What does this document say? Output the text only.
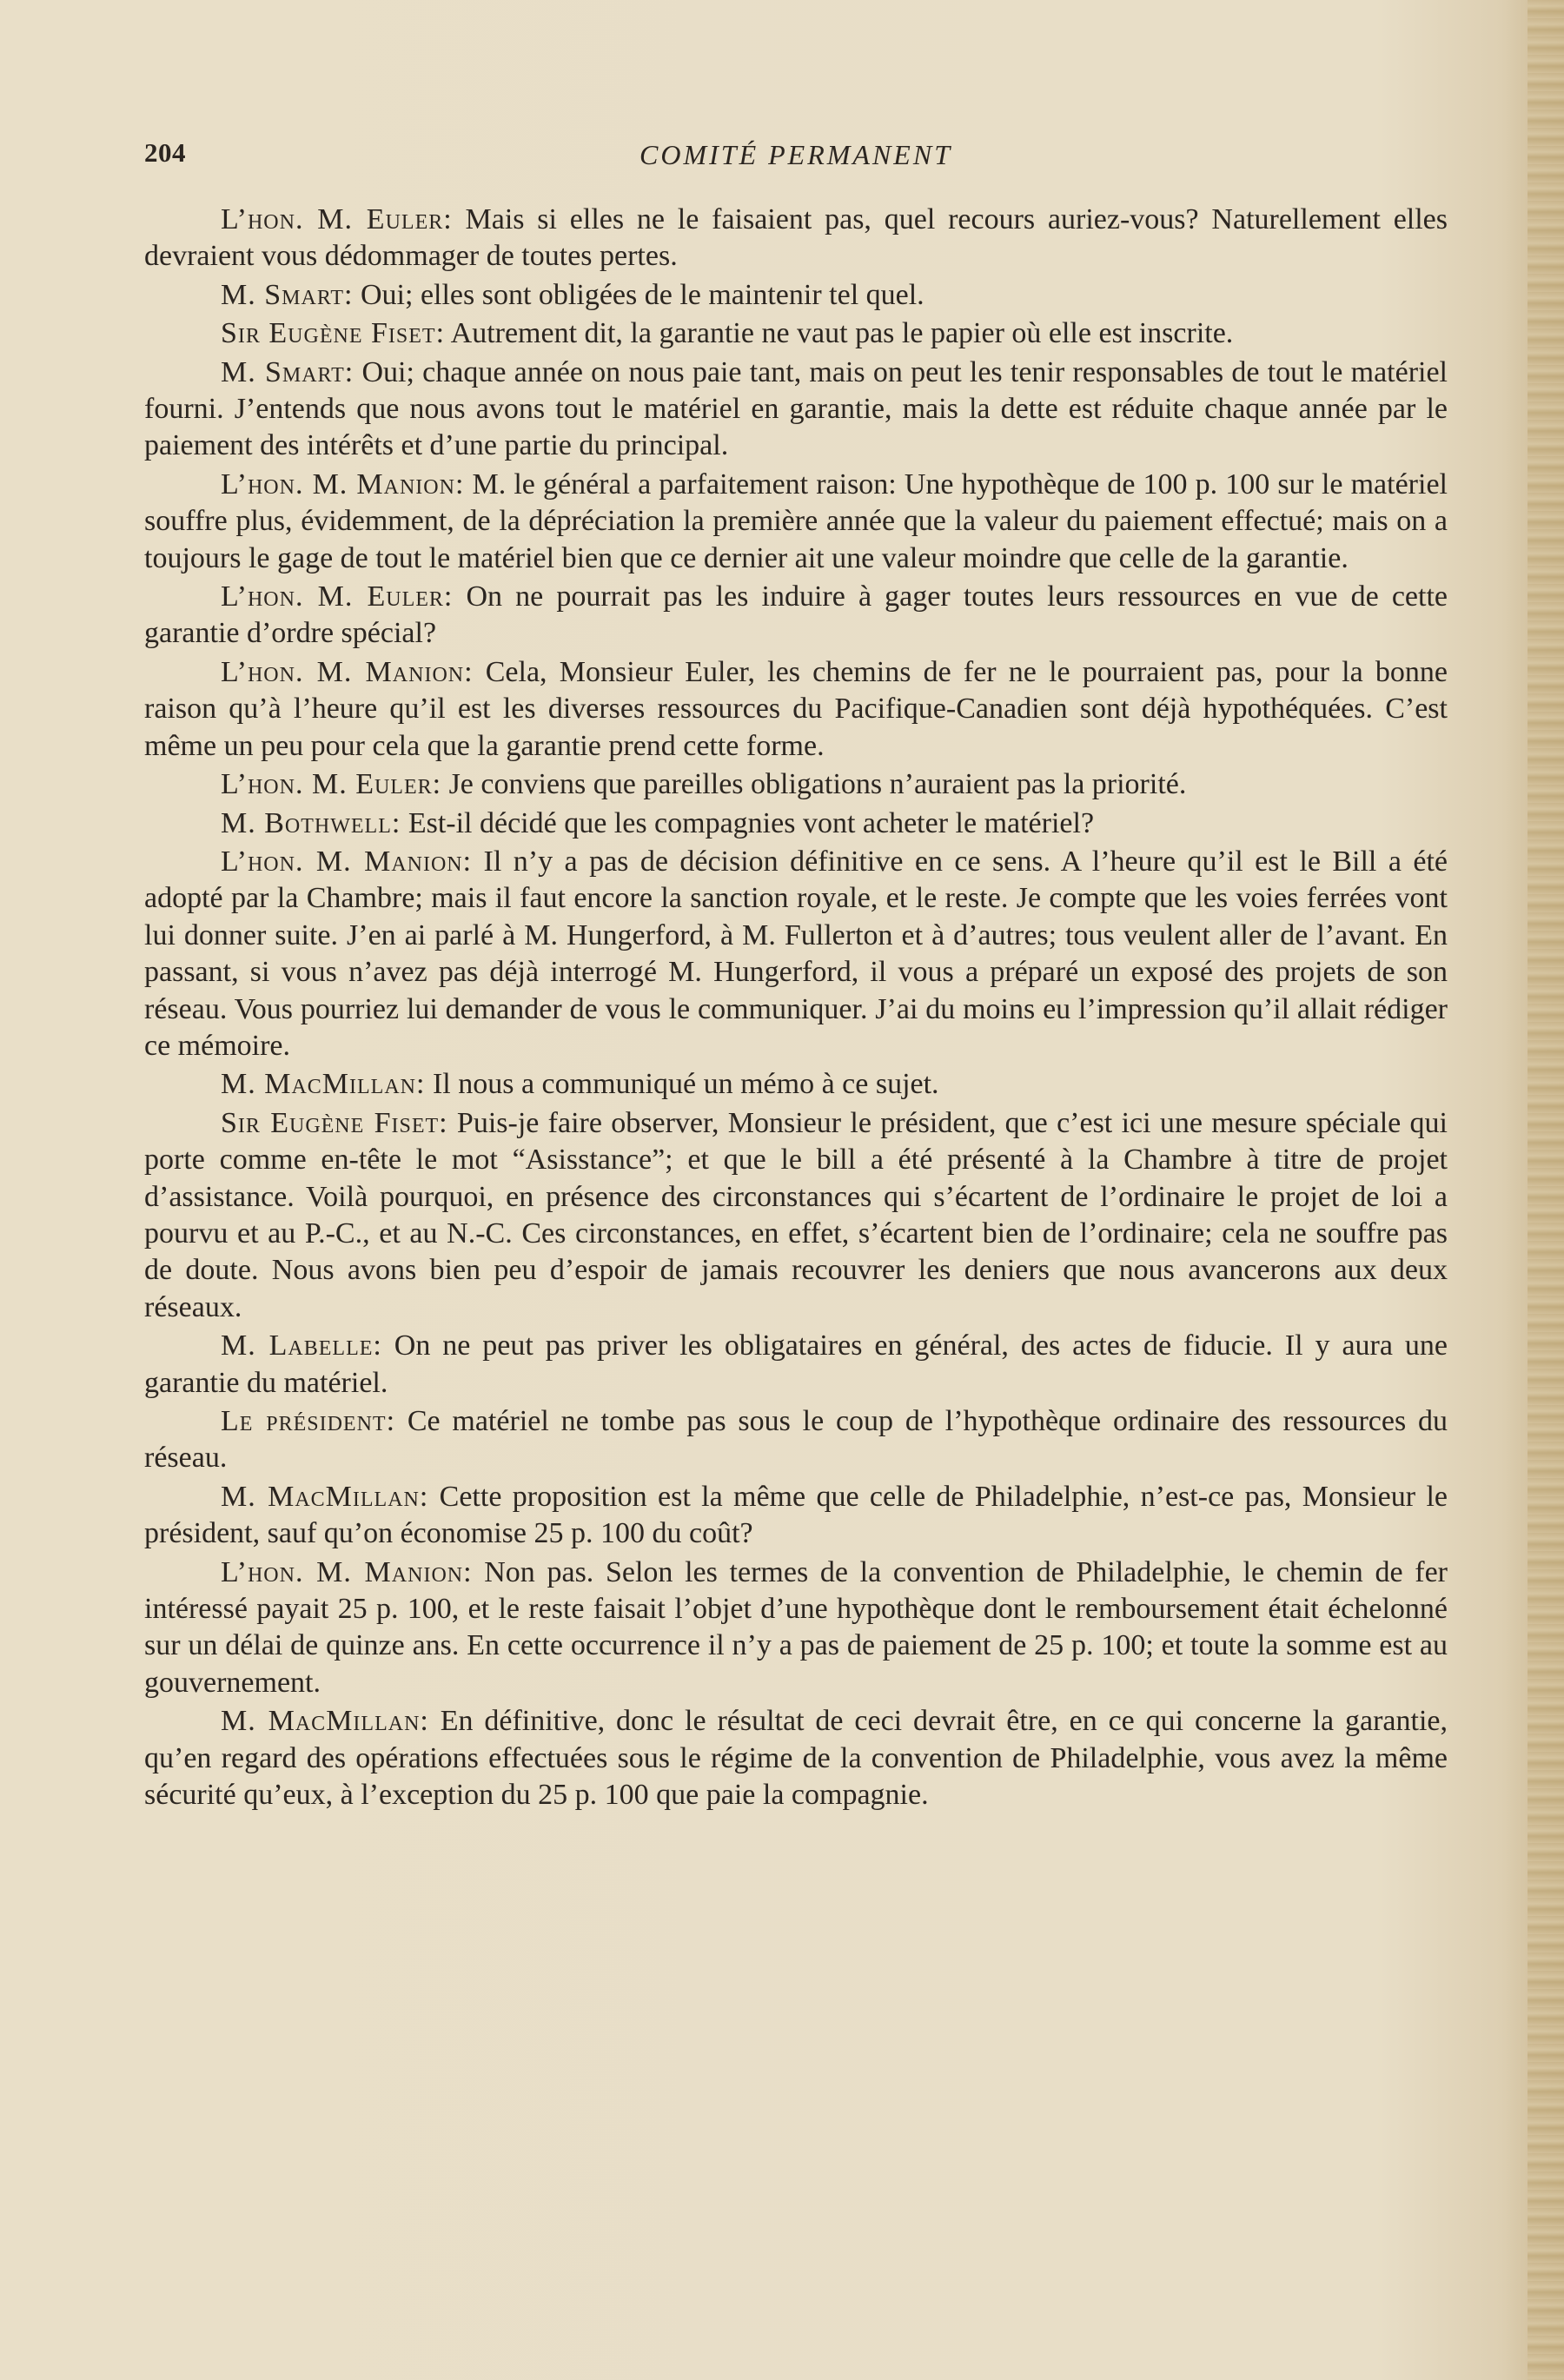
204	COMITÉ PERMANENT

L’hon. M. Euler: Mais si elles ne le faisaient pas, quel recours auriez-vous? Naturellement elles devraient vous dédommager de toutes pertes.

M. Smart: Oui; elles sont obligées de le maintenir tel quel.

Sir Eugène Fiset: Autrement dit, la garantie ne vaut pas le papier où elle est inscrite.

M. Smart: Oui; chaque année on nous paie tant, mais on peut les tenir responsables de tout le matériel fourni. J’entends que nous avons tout le matériel en garantie, mais la dette est réduite chaque année par le paiement des intérêts et d’une partie du principal.

L’hon. M. Manion: M. le général a parfaitement raison: Une hypothèque de 100 p. 100 sur le matériel souffre plus, évidemment, de la dépréciation la première année que la valeur du paiement effectué; mais on a toujours le gage de tout le matériel bien que ce dernier ait une valeur moindre que celle de la garantie.

L’hon. M. Euler: On ne pourrait pas les induire à gager toutes leurs ressources en vue de cette garantie d’ordre spécial?

L’hon. M. Manion: Cela, Monsieur Euler, les chemins de fer ne le pourraient pas, pour la bonne raison qu’à l’heure qu’il est les diverses ressources du Pacifique-Canadien sont déjà hypothéquées. C’est même un peu pour cela que la garantie prend cette forme.

L’hon. M. Euler: Je conviens que pareilles obligations n’auraient pas la priorité.

M. Bothwell: Est-il décidé que les compagnies vont acheter le matériel?

L’hon. M. Manion: Il n’y a pas de décision définitive en ce sens. A l’heure qu’il est le Bill a été adopté par la Chambre; mais il faut encore la sanction royale, et le reste. Je compte que les voies ferrées vont lui donner suite. J’en ai parlé à M. Hungerford, à M. Fullerton et à d’autres; tous veulent aller de l’avant. En passant, si vous n’avez pas déjà interrogé M. Hungerford, il vous a préparé un exposé des projets de son réseau. Vous pourriez lui demander de vous le communiquer. J’ai du moins eu l’impression qu’il allait rédiger ce mémoire.

M. MacMillan: Il nous a communiqué un mémo à ce sujet.

Sir Eugène Fiset: Puis-je faire observer, Monsieur le président, que c’est ici une mesure spéciale qui porte comme en-tête le mot “Asisstance”; et que le bill a été présenté à la Chambre à titre de projet d’assistance. Voilà pourquoi, en présence des circonstances qui s’écartent de l’ordinaire le projet de loi a pourvu et au P.-C., et au N.-C. Ces circonstances, en effet, s’écartent bien de l’ordinaire; cela ne souffre pas de doute. Nous avons bien peu d’espoir de jamais recouvrer les deniers que nous avancerons aux deux réseaux.

M. Labelle: On ne peut pas priver les obligataires en général, des actes de fiducie. Il y aura une garantie du matériel.

Le président: Ce matériel ne tombe pas sous le coup de l’hypothèque ordinaire des ressources du réseau.

M. MacMillan: Cette proposition est la même que celle de Philadelphie, n’est-ce pas, Monsieur le président, sauf qu’on économise 25 p. 100 du coût?

L’hon. M. Manion: Non pas. Selon les termes de la convention de Philadelphie, le chemin de fer intéressé payait 25 p. 100, et le reste faisait l’objet d’une hypothèque dont le remboursement était échelonné sur un délai de quinze ans. En cette occurrence il n’y a pas de paiement de 25 p. 100; et toute la somme est au gouvernement.

M. MacMillan: En définitive, donc le résultat de ceci devrait être, en ce qui concerne la garantie, qu’en regard des opérations effectuées sous le régime de la convention de Philadelphie, vous avez la même sécurité qu’eux, à l’exception du 25 p. 100 que paie la compagnie.
